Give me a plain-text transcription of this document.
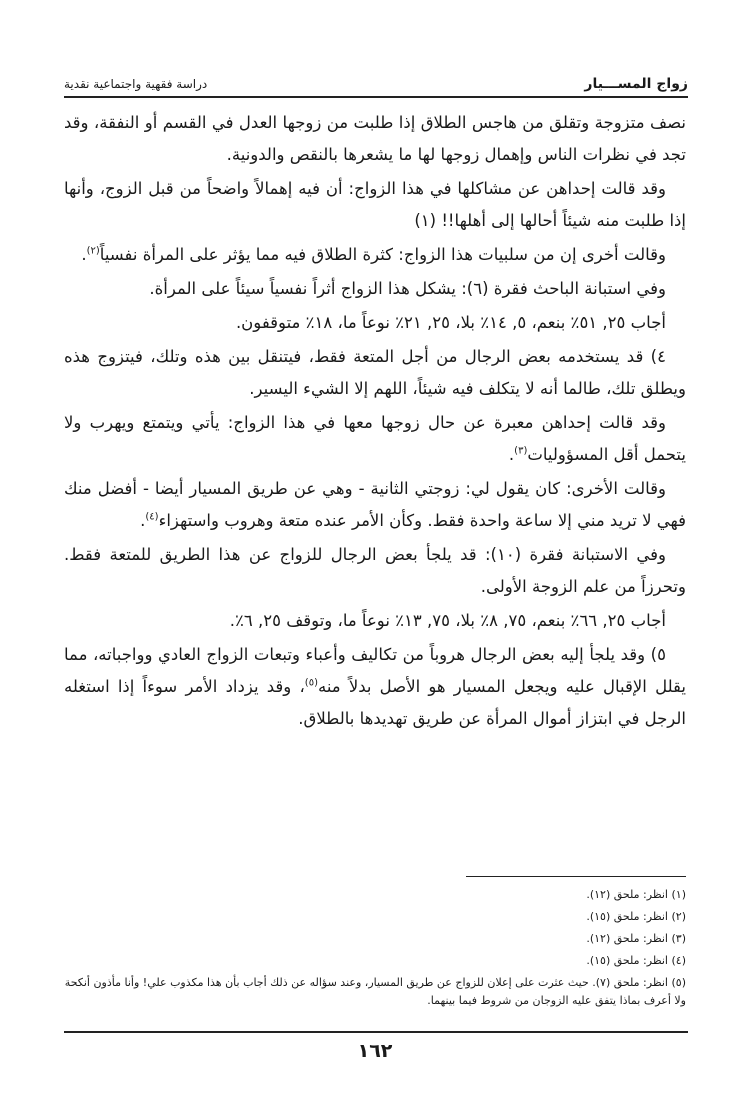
زواج المســـيار
دراسة فقهية واجتماعية نقدية

نصف متزوجة وتقلق من هاجس الطلاق إذا طلبت من زوجها العدل في القسم أو النفقة، وقد تجد في نظرات الناس وإهمال زوجها لها ما يشعرها بالنقص والدونية.

وقد قالت إحداهن عن مشاكلها في هذا الزواج: أن فيه إهمالاً واضحاً من قبل الزوج، وأنها إذا طلبت منه شيئاً أحالها إلى أهلها!! (١)

وقالت أخرى إن من سلبيات هذا الزواج: كثرة الطلاق فيه مما يؤثر على المرأة نفسياً$^{(٢)}$.

وفي استبانة الباحث فقرة (٦): يشكل هذا الزواج أثراً نفسياً سيئاً على المرأة.

أجاب ٢٥, ٥١٪ بنعم، ٥, ١٤٪ بلا، ٢٥, ٢١٪ نوعاً ما، ١٨٪ متوقفون.

٤) قد يستخدمه بعض الرجال من أجل المتعة فقط، فيتنقل بين هذه وتلك، فيتزوج هذه ويطلق تلك، طالما أنه لا يتكلف فيه شيئاً، اللهم إلا الشيء اليسير.

وقد قالت إحداهن معبرة عن حال زوجها معها في هذا الزواج: يأتي ويتمتع ويهرب ولا يتحمل أقل المسؤوليات$^{(٣)}$.

وقالت الأخرى: كان يقول لي: زوجتي الثانية - وهي عن طريق المسيار أيضا - أفضل منك فهي لا تريد مني إلا ساعة واحدة فقط. وكأن الأمر عنده متعة وهروب واستهزاء$^{(٤)}$.

وفي الاستبانة فقرة (١٠): قد يلجأ بعض الرجال للزواج عن هذا الطريق للمتعة فقط. وتحرزاً من علم الزوجة الأولى.

أجاب ٢٥, ٦٦٪ بنعم، ٧٥, ٨٪ بلا، ٧٥, ١٣٪ نوعاً ما، وتوقف ٢٥, ٦٪.

٥) وقد يلجأ إليه بعض الرجال هروباً من تكاليف وأعباء وتبعات الزواج العادي وواجباته، مما يقلل الإقبال عليه ويجعل المسيار هو الأصل بدلاً منه$^{(٥)}$، وقد يزداد الأمر سوءاً إذا استغله الرجل في ابتزاز أموال المرأة عن طريق تهديدها بالطلاق.

(١) انظر: ملحق (١٢).

(٢) انظر: ملحق (١٥).

(٣) انظر: ملحق (١٢).

(٤) انظر: ملحق (١٥).

(٥) انظر: ملحق (٧). حيث عثرت على إعلان للزواج عن طريق المسيار، وعند سؤاله عن ذلك أجاب بأن هذا مكذوب علي! وأنا مأذون أنكحة ولا أعرف بماذا يتفق عليه الزوجان من شروط فيما بينهما.

١٦٢
